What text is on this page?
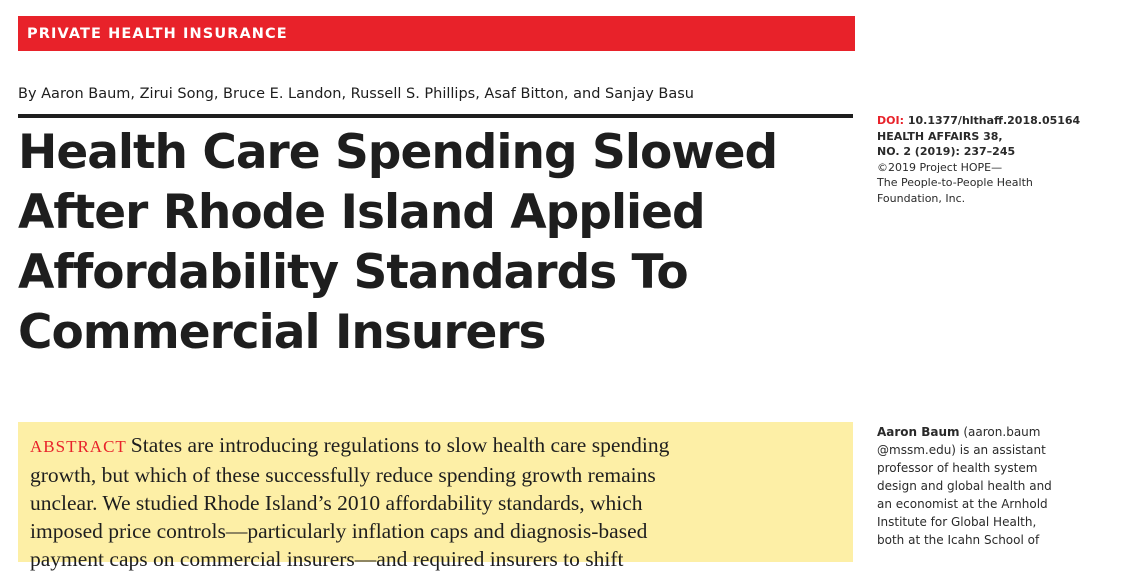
PRIVATE HEALTH INSURANCE
By Aaron Baum, Zirui Song, Bruce E. Landon, Russell S. Phillips, Asaf Bitton, and Sanjay Basu
Health Care Spending Slowed
After Rhode Island Applied
Affordability Standards To
Commercial Insurers
DOI: 10.1377/hlthaff.2018.05164
HEALTH AFFAIRS 38,
NO. 2 (2019): 237–245
©2019 Project HOPE—
The People-to-People Health
Foundation, Inc.
ABSTRACT States are introducing regulations to slow health care spending
growth, but which of these successfully reduce spending growth remains
unclear. We studied Rhode Island’s 2010 affordability standards, which
imposed price controls—particularly inflation caps and diagnosis-based
payment caps on commercial insurers—and required insurers to shift
Aaron Baum (aaron.baum
@mssm.edu) is an assistant
professor of health system
design and global health and
an economist at the Arnhold
Institute for Global Health,
both at the Icahn School of
